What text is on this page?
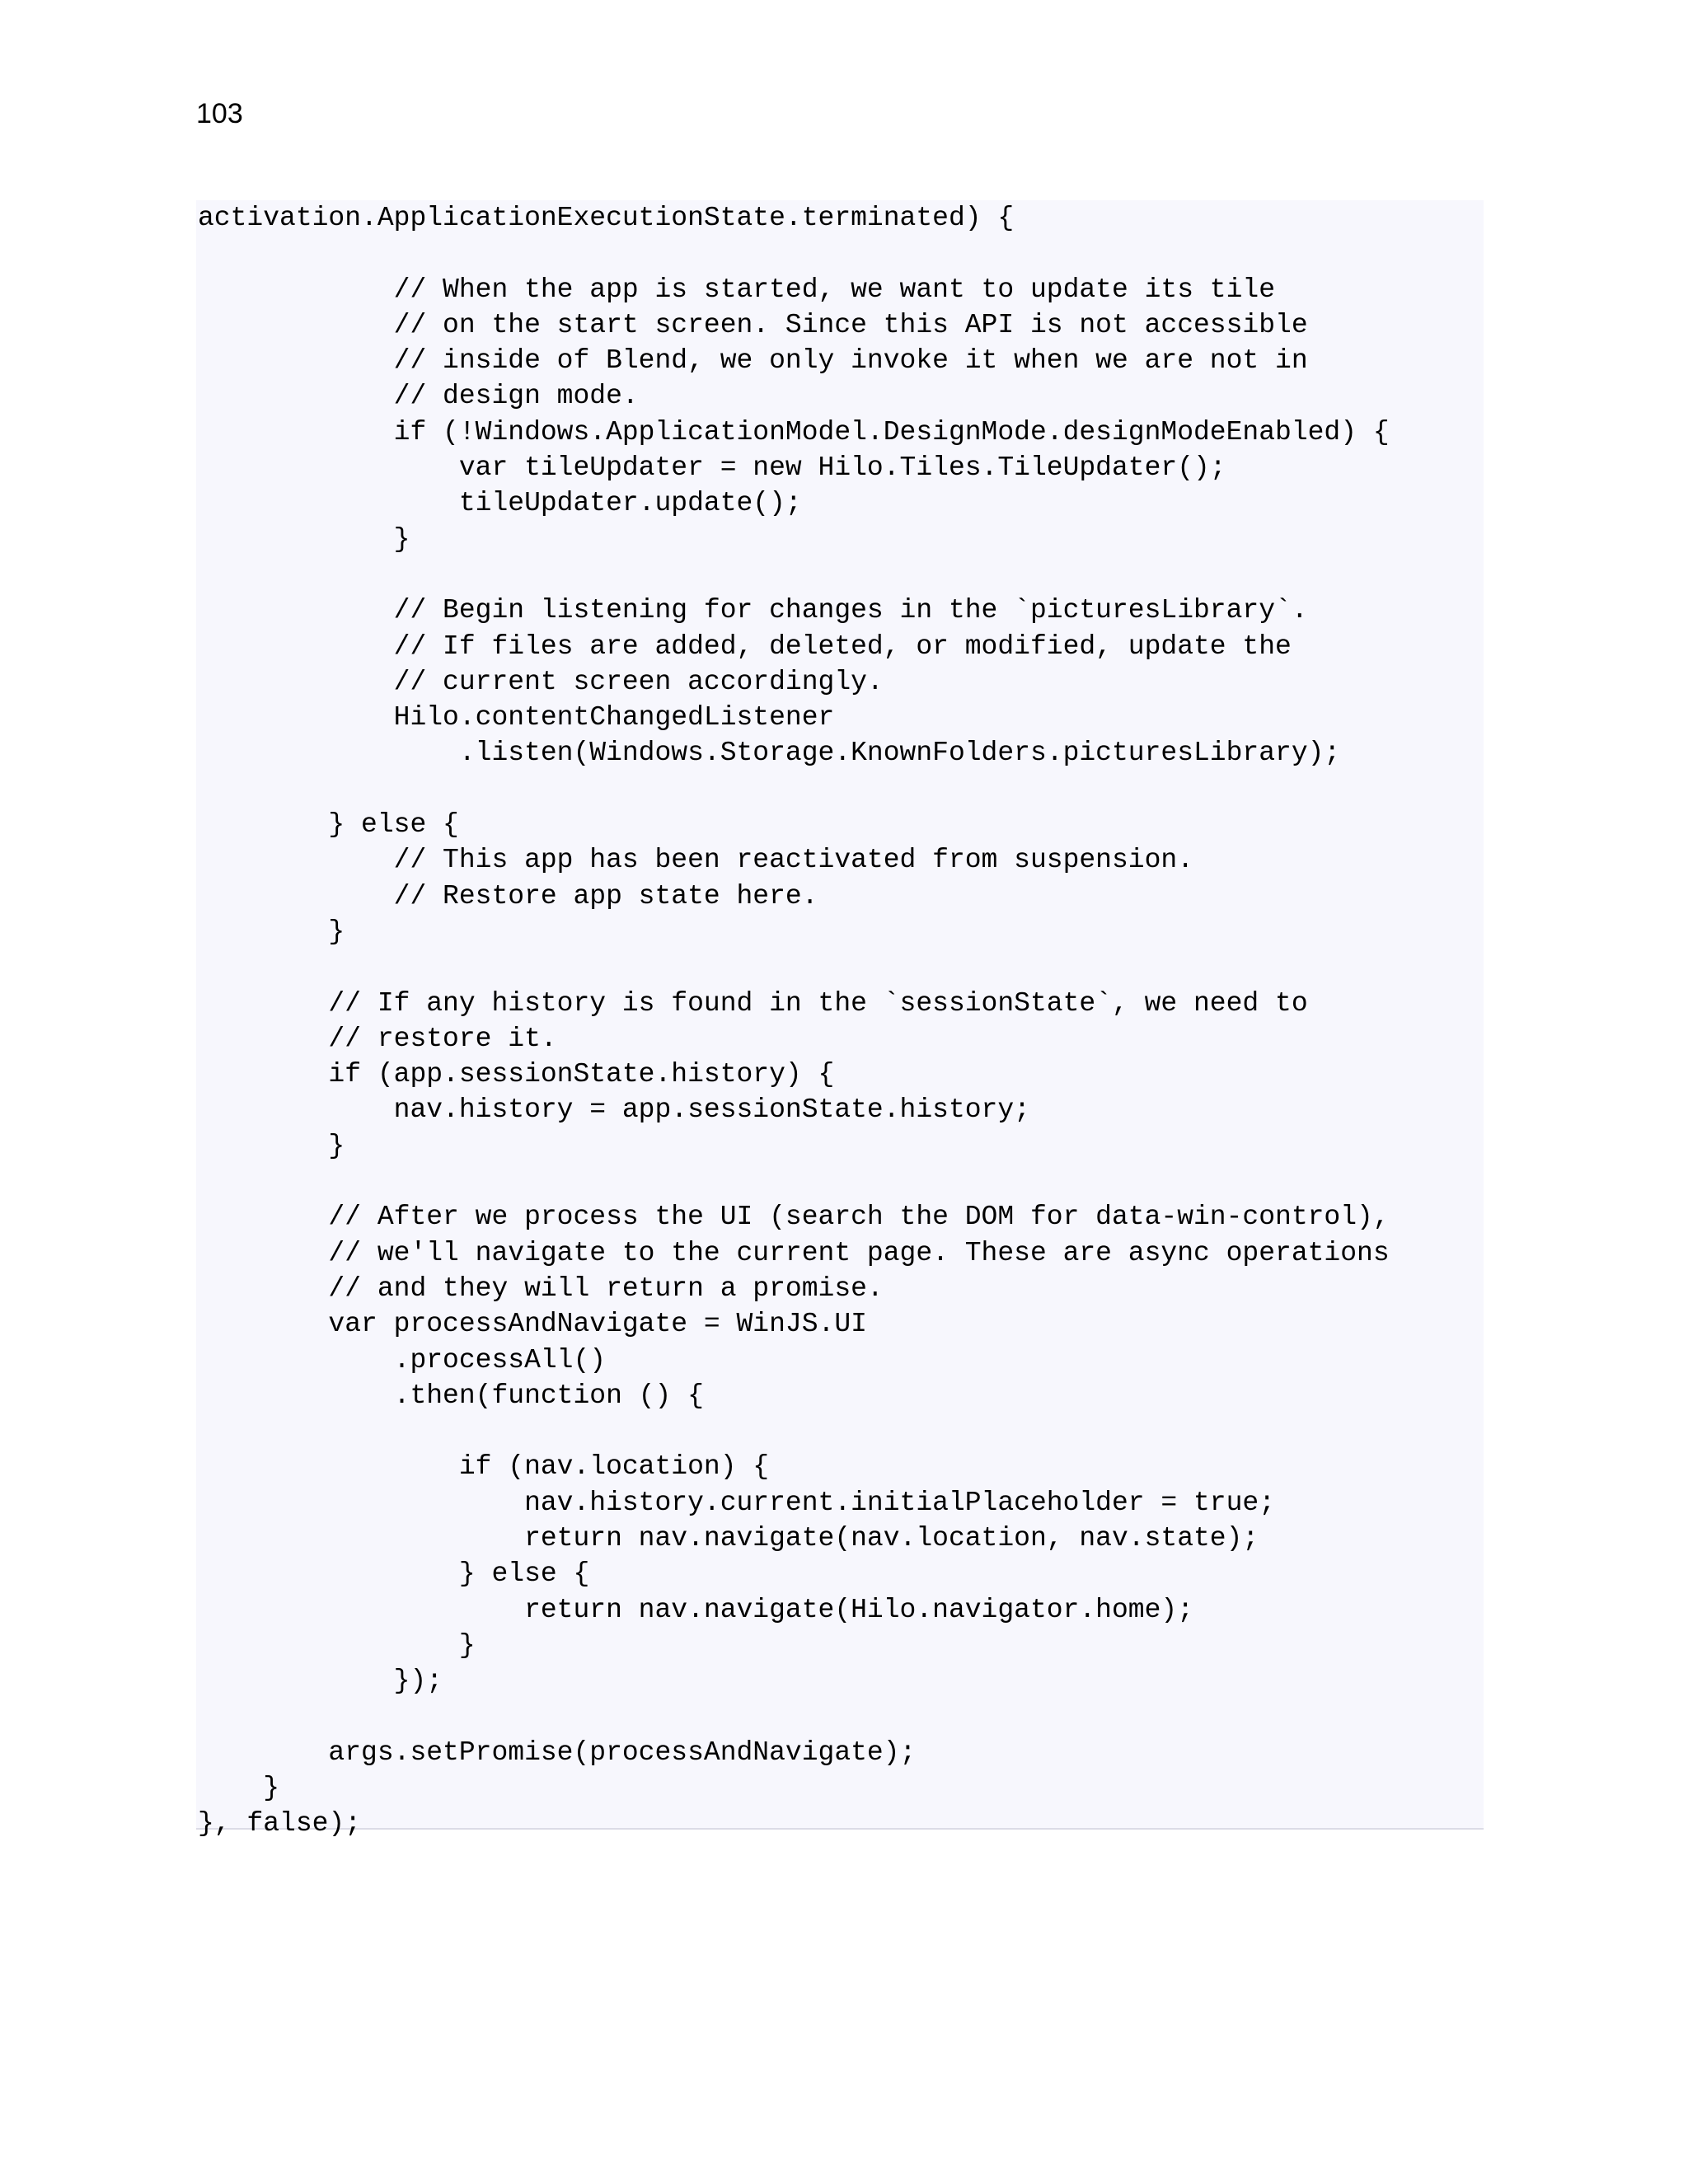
103
activation.ApplicationExecutionState.terminated) {
// When the app is started, we want to update its tile
// on the start screen. Since this API is not accessible
// inside of Blend, we only invoke it when we are not in
// design mode.
if (!Windows.ApplicationModel.DesignMode.designModeEnabled) {
var tileUpdater = new Hilo.Tiles.TileUpdater();
tileUpdater.update();
}
// Begin listening for changes in the `picturesLibrary`.
// If files are added, deleted, or modified, update the
// current screen accordingly.
Hilo.contentChangedListener
.listen(Windows.Storage.KnownFolders.picturesLibrary);
} else {
// This app has been reactivated from suspension.
// Restore app state here.
}
// If any history is found in the `sessionState`, we need to
// restore it.
if (app.sessionState.history) {
nav.history = app.sessionState.history;
}
// After we process the UI (search the DOM for data-win-control),
// we'll navigate to the current page. These are async operations
// and they will return a promise.
var processAndNavigate = WinJS.UI
.processAll()
.then(function () {
if (nav.location) {
nav.history.current.initialPlaceholder = true;
return nav.navigate(nav.location, nav.state);
} else {
return nav.navigate(Hilo.navigator.home);
}
});
args.setPromise(processAndNavigate);
}
}, false);
